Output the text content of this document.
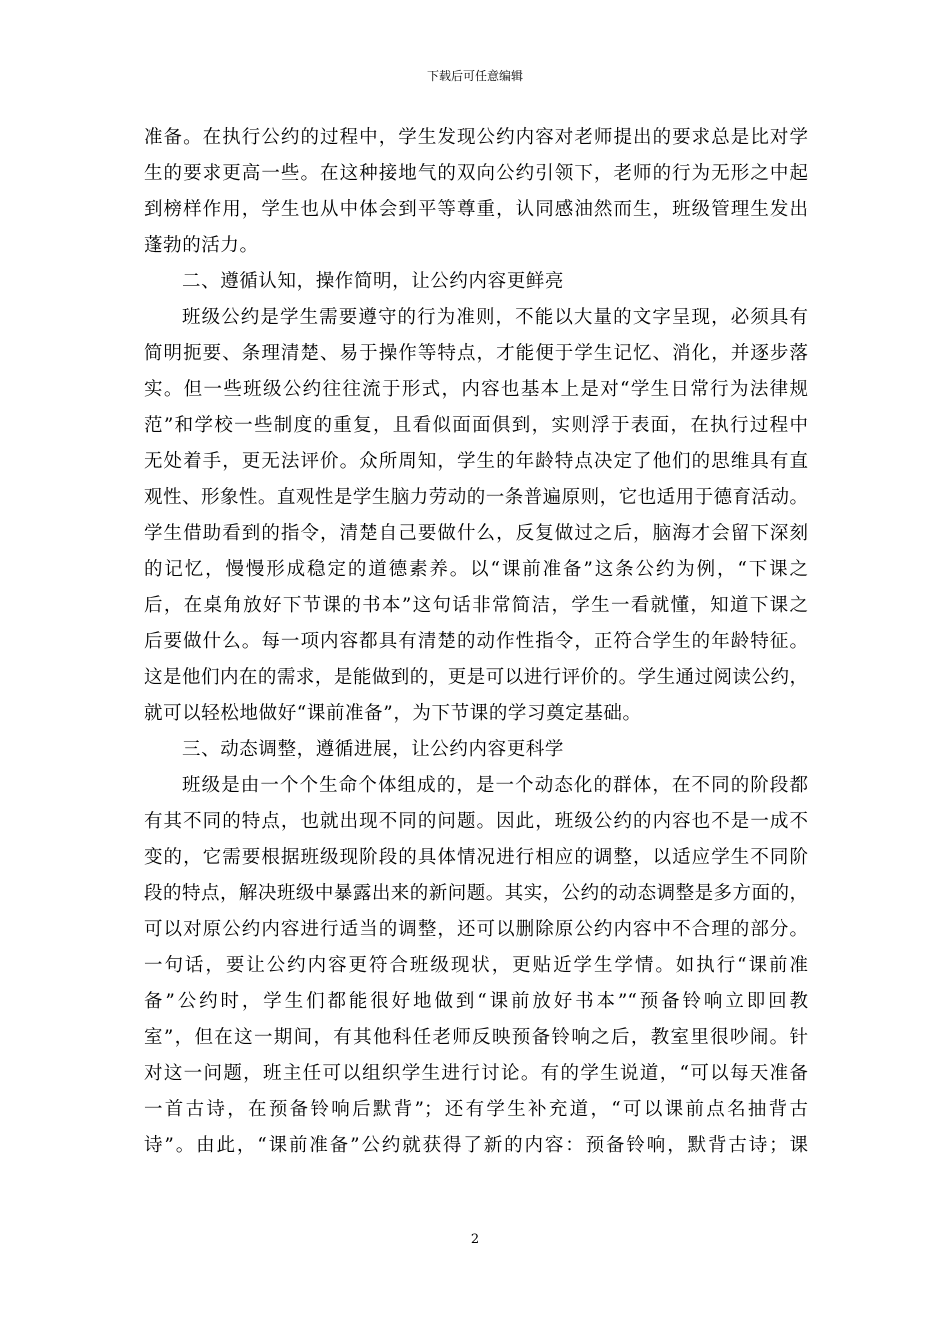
下载后可任意编辑
准备。在执行公约的过程中，学生发现公约内容对老师提出的要求总是比对学
生的要求更高一些。在这种接地气的双向公约引领下，老师的行为无形之中起
到榜样作用，学生也从中体会到平等尊重，认同感油然而生，班级管理生发出
蓬勃的活力。
二、遵循认知，操作简明，让公约内容更鲜亮
班级公约是学生需要遵守的行为准则，不能以大量的文字呈现，必须具有
简明扼要、条理清楚、易于操作等特点，才能便于学生记忆、消化，并逐步落
实。但一些班级公约往往流于形式，内容也基本上是对“学生日常行为法律规
范”和学校一些制度的重复，且看似面面俱到，实则浮于表面，在执行过程中
无处着手，更无法评价。众所周知，学生的年龄特点决定了他们的思维具有直
观性、形象性。直观性是学生脑力劳动的一条普遍原则，它也适用于德育活动。
学生借助看到的指令，清楚自己要做什么，反复做过之后，脑海才会留下深刻
的记忆，慢慢形成稳定的道德素养。以“课前准备”这条公约为例，“下课之
后，在桌角放好下节课的书本”这句话非常简洁，学生一看就懂，知道下课之
后要做什么。每一项内容都具有清楚的动作性指令，正符合学生的年龄特征。
这是他们内在的需求，是能做到的，更是可以进行评价的。学生通过阅读公约，
就可以轻松地做好“课前准备”，为下节课的学习奠定基础。
三、动态调整，遵循进展，让公约内容更科学
班级是由一个个生命个体组成的，是一个动态化的群体，在不同的阶段都
有其不同的特点，也就出现不同的问题。因此，班级公约的内容也不是一成不
变的，它需要根据班级现阶段的具体情况进行相应的调整，以适应学生不同阶
段的特点，解决班级中暴露出来的新问题。其实，公约的动态调整是多方面的，
可以对原公约内容进行适当的调整，还可以删除原公约内容中不合理的部分。
一句话，要让公约内容更符合班级现状，更贴近学生学情。如执行“课前准
备”公约时，学生们都能很好地做到“课前放好书本”“预备铃响立即回教
室”，但在这一期间，有其他科任老师反映预备铃响之后，教室里很吵闹。针
对这一问题，班主任可以组织学生进行讨论。有的学生说道，“可以每天准备
一首古诗，在预备铃响后默背”；还有学生补充道，“可以课前点名抽背古
诗”。由此，“课前准备”公约就获得了新的内容：预备铃响，默背古诗；课
2
